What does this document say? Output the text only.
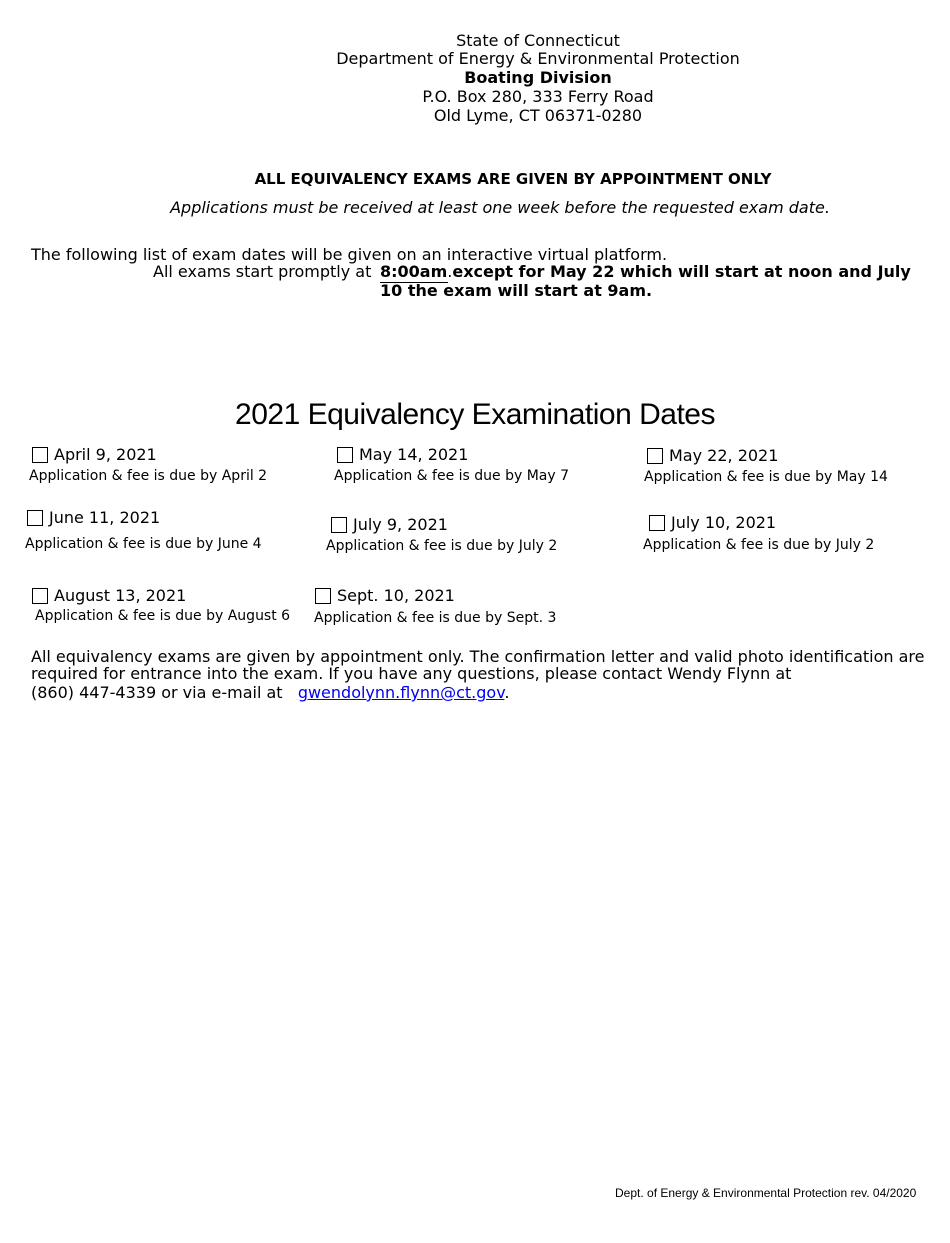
State of Connecticut
Department of Energy & Environmental Protection
Boating Division
P.O. Box 280, 333 Ferry Road
Old Lyme, CT 06371-0280
ALL EQUIVALENCY EXAMS ARE GIVEN BY APPOINTMENT ONLY
Applications must be received at least one week before the requested exam date.
The following list of exam dates will be given on an interactive virtual platform.
All exams start promptly at 8:00am.except for May 22 which will start at noon and July
10 the exam will start at 9am.
2021 Equivalency Examination Dates
April 9, 2021
Application & fee is due by April 2
May 14, 2021
Application & fee is due by May 7
May 22, 2021
Application & fee is due by May 14
June 11, 2021
Application & fee is due by June 4
July 9, 2021
Application & fee is due by July 2
July 10, 2021
Application & fee is due by July 2
August 13, 2021
Application & fee is due by August 6
Sept. 10, 2021
Application & fee is due by Sept. 3
All equivalency exams are given by appointment only. The confirmation letter and valid photo identification are
required for entrance into the exam. If you have any questions, please contact Wendy Flynn at
(860) 447-4339 or via e-mail at gwendolynn.flynn@ct.gov.
Dept. of Energy & Environmental Protection rev. 04/2020
